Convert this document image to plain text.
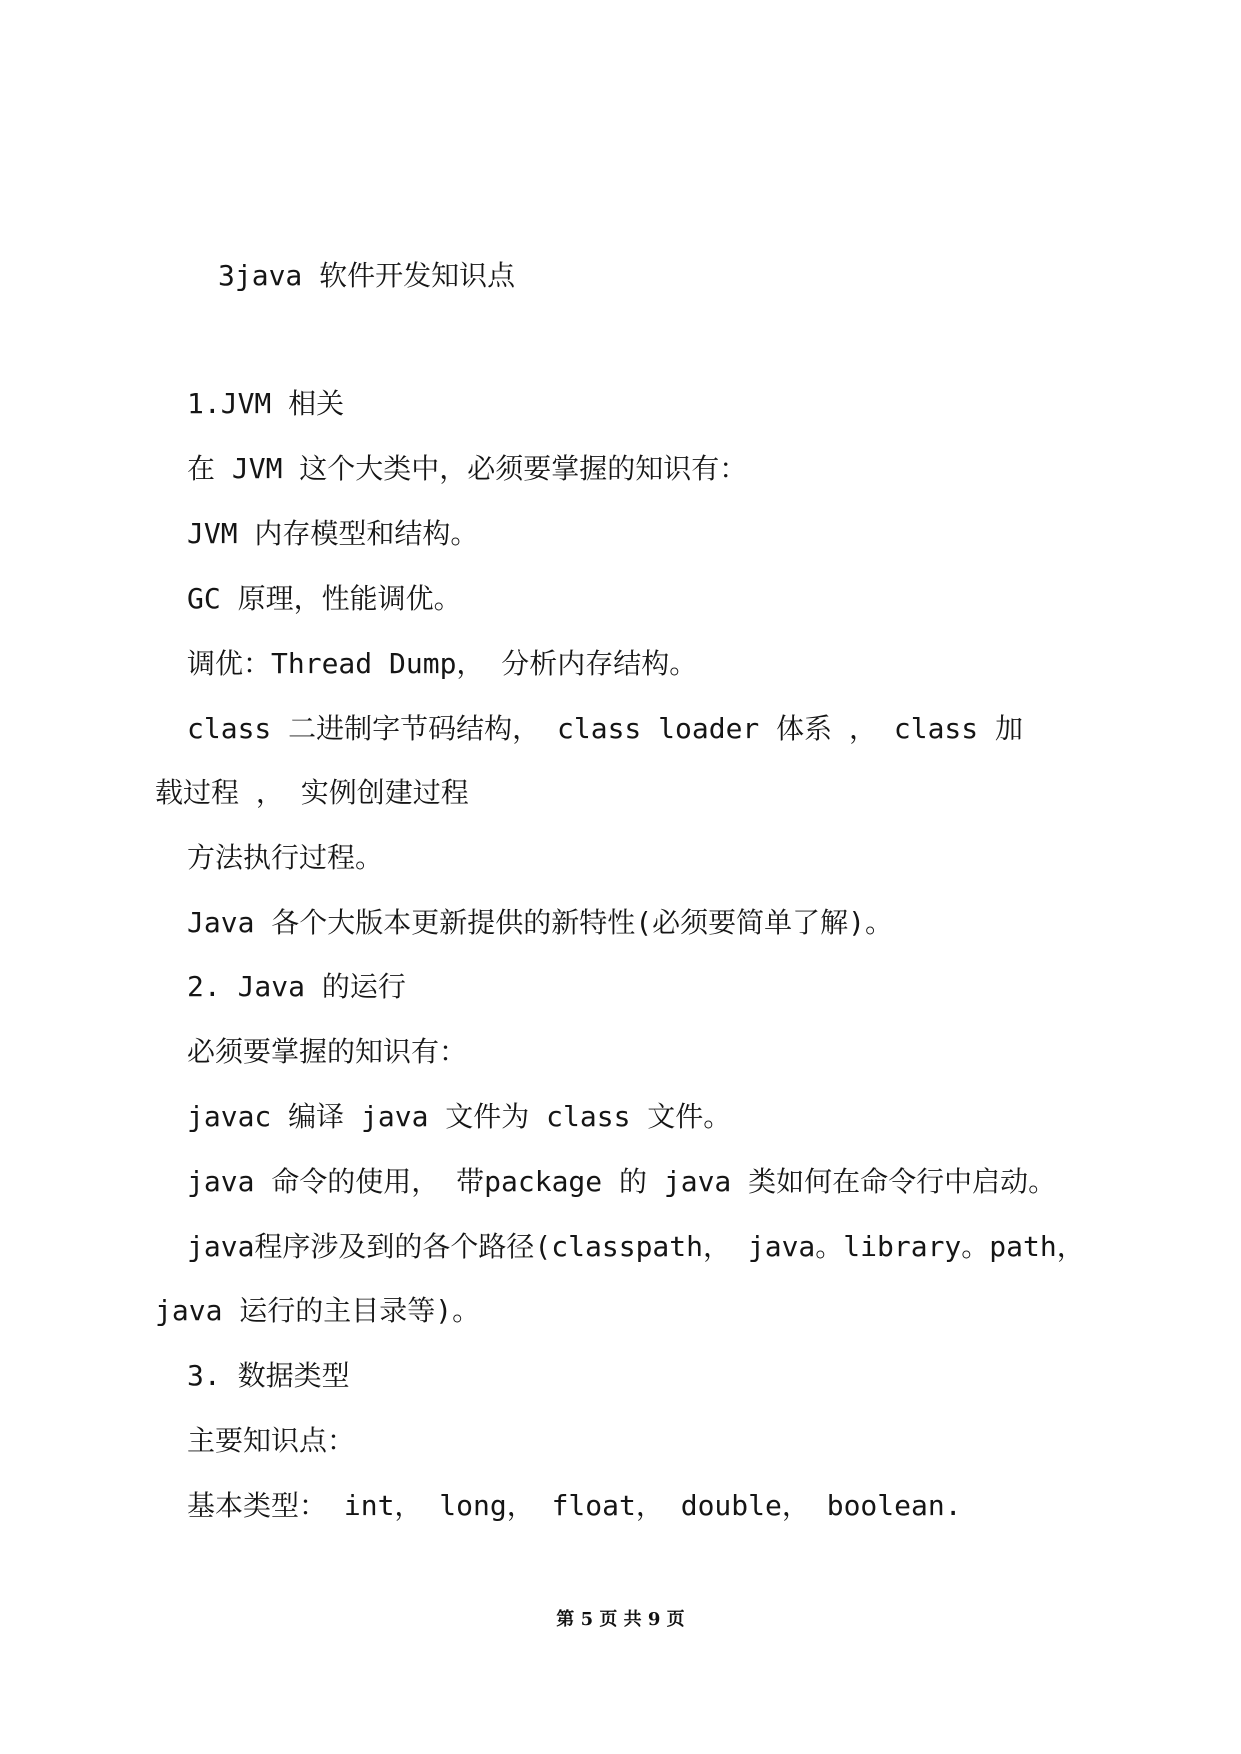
3java 软件开发知识点
1.JVM 相关
在 JVM 这个大类中，必须要掌握的知识有：
JVM 内存模型和结构。
GC 原理，性能调优。
调优：Thread Dump， 分析内存结构。
class 二进制字节码结构， class loader 体系 ， class 加
载过程 ， 实例创建过程
方法执行过程。
Java 各个大版本更新提供的新特性(必须要简单了解)。
2. Java 的运行
必须要掌握的知识有：
javac 编译 java 文件为 class 文件。
java 命令的使用， 带package 的 java 类如何在命令行中启动。
java程序涉及到的各个路径(classpath， java。library。path，
java 运行的主目录等)。
3. 数据类型
主要知识点：
基本类型： int， long， float， double， boolean.
第 5 页 共 9 页
